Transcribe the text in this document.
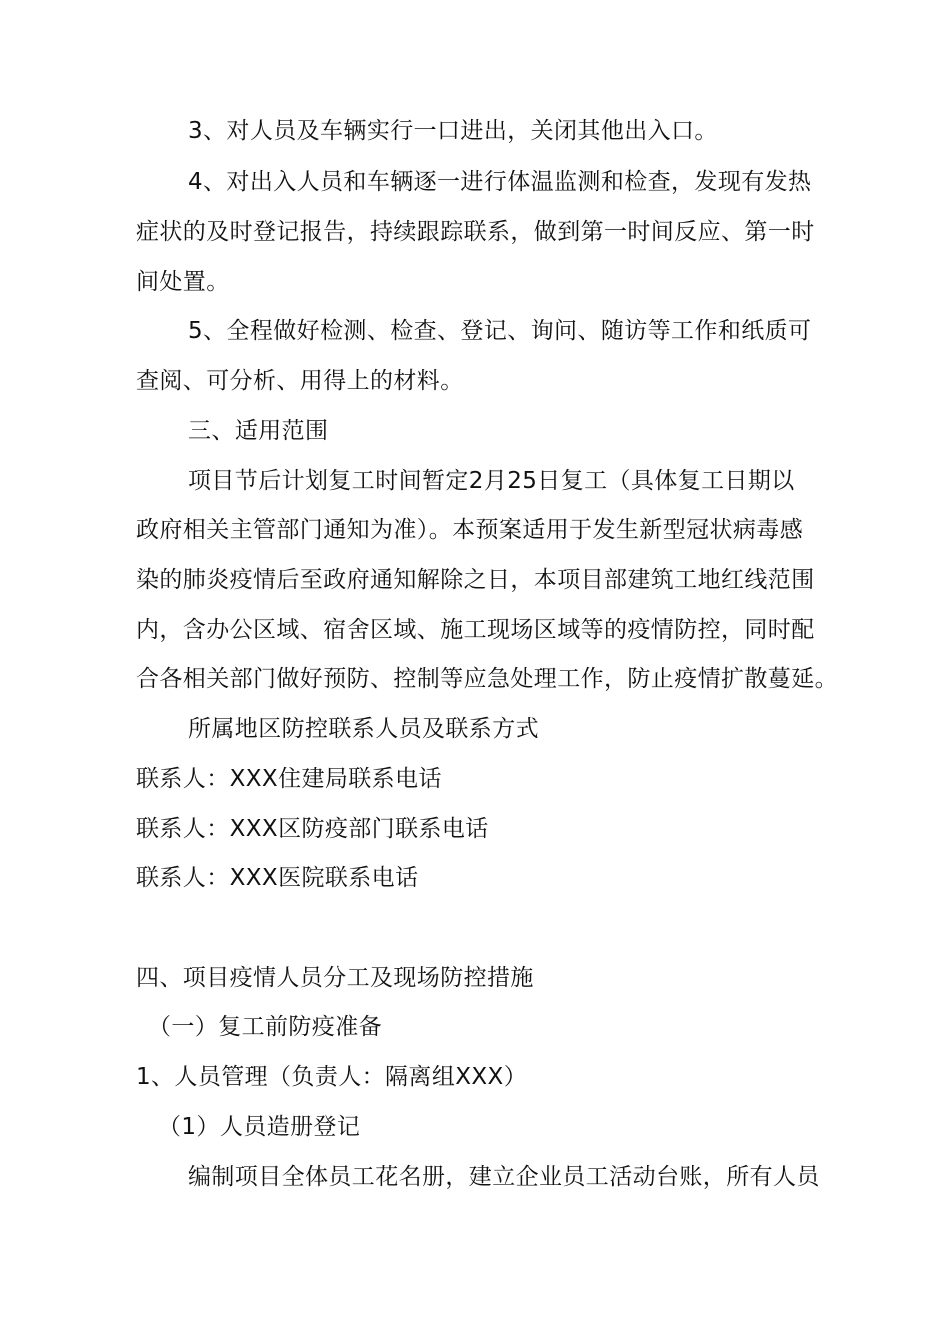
3、对人员及车辆实行一口进出，关闭其他出入口。
4、对出入人员和车辆逐一进行体温监测和检查，发现有发热
症状的及时登记报告，持续跟踪联系，做到第一时间反应、第一时
间处置。
5、全程做好检测、检查、登记、询问、随访等工作和纸质可
查阅、可分析、用得上的材料。
三、适用范围
项目节后计划复工时间暂定2月25日复工（具体复工日期以
政府相关主管部门通知为准）。本预案适用于发生新型冠状病毒感
染的肺炎疫情后至政府通知解除之日，本项目部建筑工地红线范围
内，含办公区域、宿舍区域、施工现场区域等的疫情防控，同时配
合各相关部门做好预防、控制等应急处理工作，防止疫情扩散蔓延。
所属地区防控联系人员及联系方式
联系人：XXX住建局联系电话
联系人：XXX区防疫部门联系电话
联系人：XXX医院联系电话
四、项目疫情人员分工及现场防控措施
（一）复工前防疫准备
1、人员管理（负责人：隔离组XXX）
（1）人员造册登记
编制项目全体员工花名册，建立企业员工活动台账，所有人员
